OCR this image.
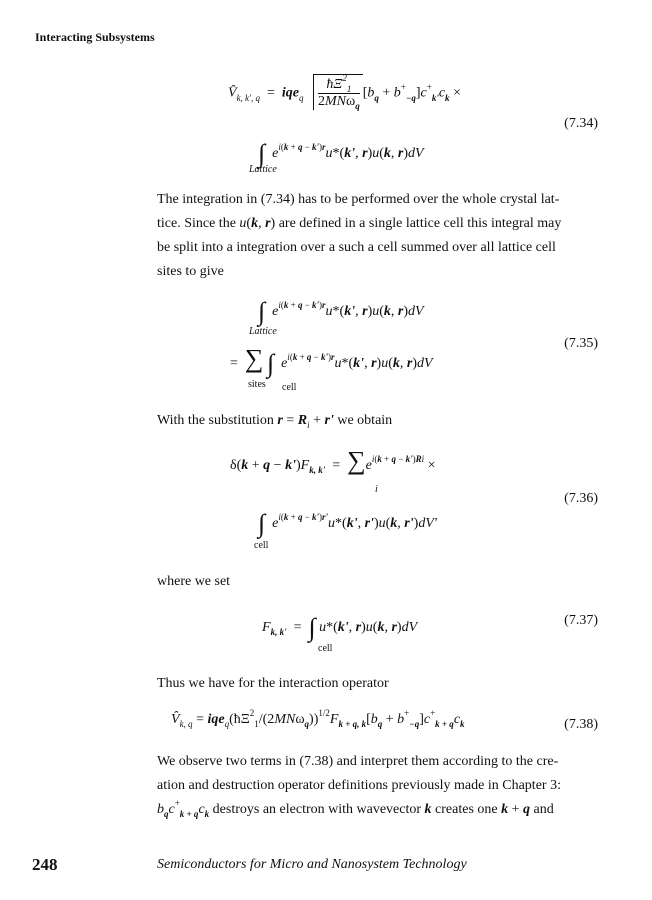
Interacting Subsystems
$V̂_{k, k', q} = iqe_q \frac{ħ\Xi^2_1}{2MN\omega_q} [b_q + b^+_{-q}]c^+_{k'}c_k$ ×
(7.34)
∫ $e^{i(k + q - k')r}u*(k'$, r)u(k, r)dV
Lattice
The integration in (7.34) has to be performed over the whole crystal lat-
tice. Since the u(k, r) are defined in a single lattice cell this integral may
be split into a integration over a such a cell summed over all lattice cell
sites to give
∫ $e^{i(k + q - k')r}u*(k'$, r)u(k, r)dV
Lattice
(7.35)
=  ∑ ∫ $e^{i(k + q - k')r}u*(k'$, r)u(k, r)dV
sites cell
With the substitution $r = R_i + r'$ we obtain
$\delta(k + q - k')F_{k, k'} = \sum e^{i(k + q - k')Ri}$ ×
i
(7.36)
∫ $e^{i(k + q - k')r'}u*(k'$, r')u(k, r')dV'
cell
where we set
$F_{k, k'}$  =  ∫ u*(k', r)u(k, r)dV	(7.37)
cell
Thus we have for the interaction operator
$V̂_{k, q}$ = $iqe_q(ħ\Xi^2_1/(2MN\omega_q))^{1/2}F_{k + q, k}[b_q + b^+_{-q}]c^+_{k + q}c_k$	(7.38)
We observe two terms in (7.38) and interpret them according to the cre-
ation and destruction operator definitions previously made in Chapter 3:
$b_qc^+_{k + q}c_k$ destroys an electron with wavevector k creates one k + q and
248	Semiconductors for Micro and Nanosystem Technology
